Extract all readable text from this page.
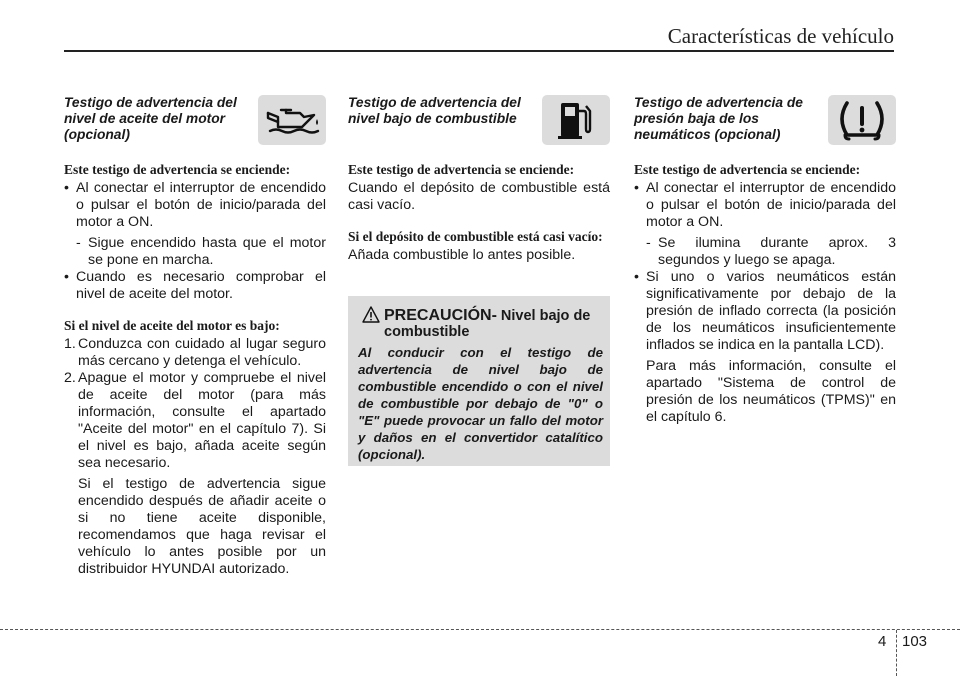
Características de vehículo

Testigo de advertencia del nivel de aceite del motor (opcional)

Este testigo de advertencia se enciende:

• Al conectar el interruptor de encendido o pulsar el botón de inicio/parada del motor a ON.

- Sigue encendido hasta que el motor se pone en marcha.

• Cuando es necesario comprobar el nivel de aceite del motor.

Si el nivel de aceite del motor es bajo:

1. Conduzca con cuidado al lugar seguro más cercano y detenga el vehículo.

2. Apague el motor y compruebe el nivel de aceite del motor (para más información, consulte el apartado "Aceite del motor" en el capítulo 7). Si el nivel es bajo, añada aceite según sea necesario.

Si el testigo de advertencia sigue encendido después de añadir aceite o si no tiene aceite disponible, recomendamos que haga revisar el vehículo lo antes posible por un distribuidor HYUNDAI autorizado.

Testigo de advertencia del nivel bajo de combustible

Este testigo de advertencia se enciende:

Cuando el depósito de combustible está casi vacío.

Si el depósito de combustible está casi vacío:

Añada combustible lo antes posible.

PRECAUCIÓN- Nivel bajo de combustible

Al conducir con el testigo de advertencia de nivel bajo de combustible encendido o con el nivel de combustible por debajo de "0" o "E" puede provocar un fallo del motor y daños en el convertidor catalítico (opcional).

Testigo de advertencia de presión baja de los neumáticos (opcional)

Este testigo de advertencia se enciende:

• Al conectar el interruptor de encendido o pulsar el botón de inicio/parada del motor a ON.

- Se ilumina durante aprox. 3 segundos y luego se apaga.

• Si uno o varios neumáticos están significativamente por debajo de la presión de inflado correcta (la posición de los neumáticos insuficientemente inflados se indica en la pantalla LCD).

Para más información, consulte el apartado "Sistema de control de presión de los neumáticos (TPMS)" en el capítulo 6.

4 103
